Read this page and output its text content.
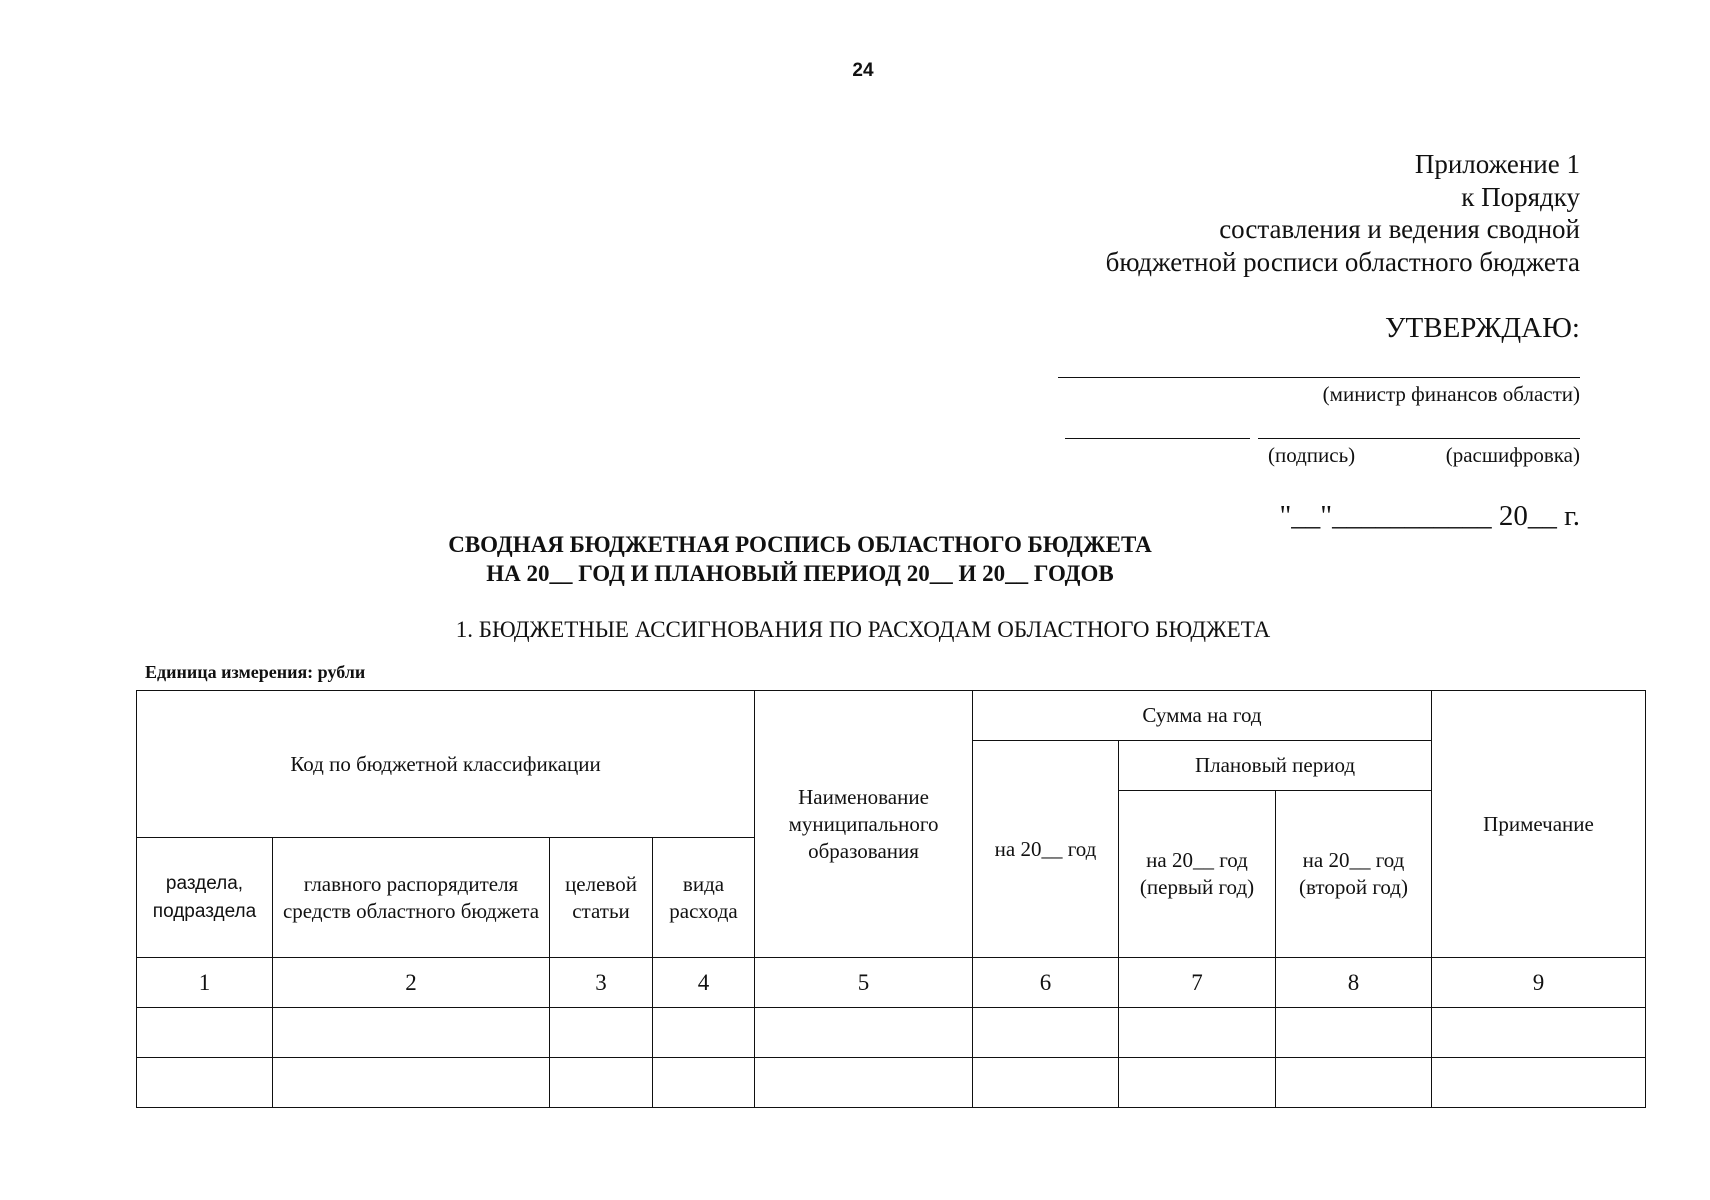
24
Приложение 1
к Порядку
составления и ведения сводной
бюджетной росписи областного бюджета
УТВЕРЖДАЮ:
(министр финансов области)
(подпись)	(расшифровка)
"__"___________ 20__ г.
СВОДНАЯ БЮДЖЕТНАЯ РОСПИСЬ ОБЛАСТНОГО БЮДЖЕТА
НА 20__ ГОД И ПЛАНОВЫЙ ПЕРИОД 20__ И 20__ ГОДОВ
1. БЮДЖЕТНЫЕ АССИГНОВАНИЯ ПО РАСХОДАМ ОБЛАСТНОГО БЮДЖЕТА
Единица измерения: рубли
Код по бюджетной классификации				Наименование муниципального образования	Сумма на год			Примечание
					на 20__ год	Плановый период		
						на 20__ год (первый год)	на 20__ год (второй год)	
раздела, подраздела	главного распорядителя средств областного бюджета	целевой статьи	вида расхода					
1	2	3	4	5	6	7	8	9
